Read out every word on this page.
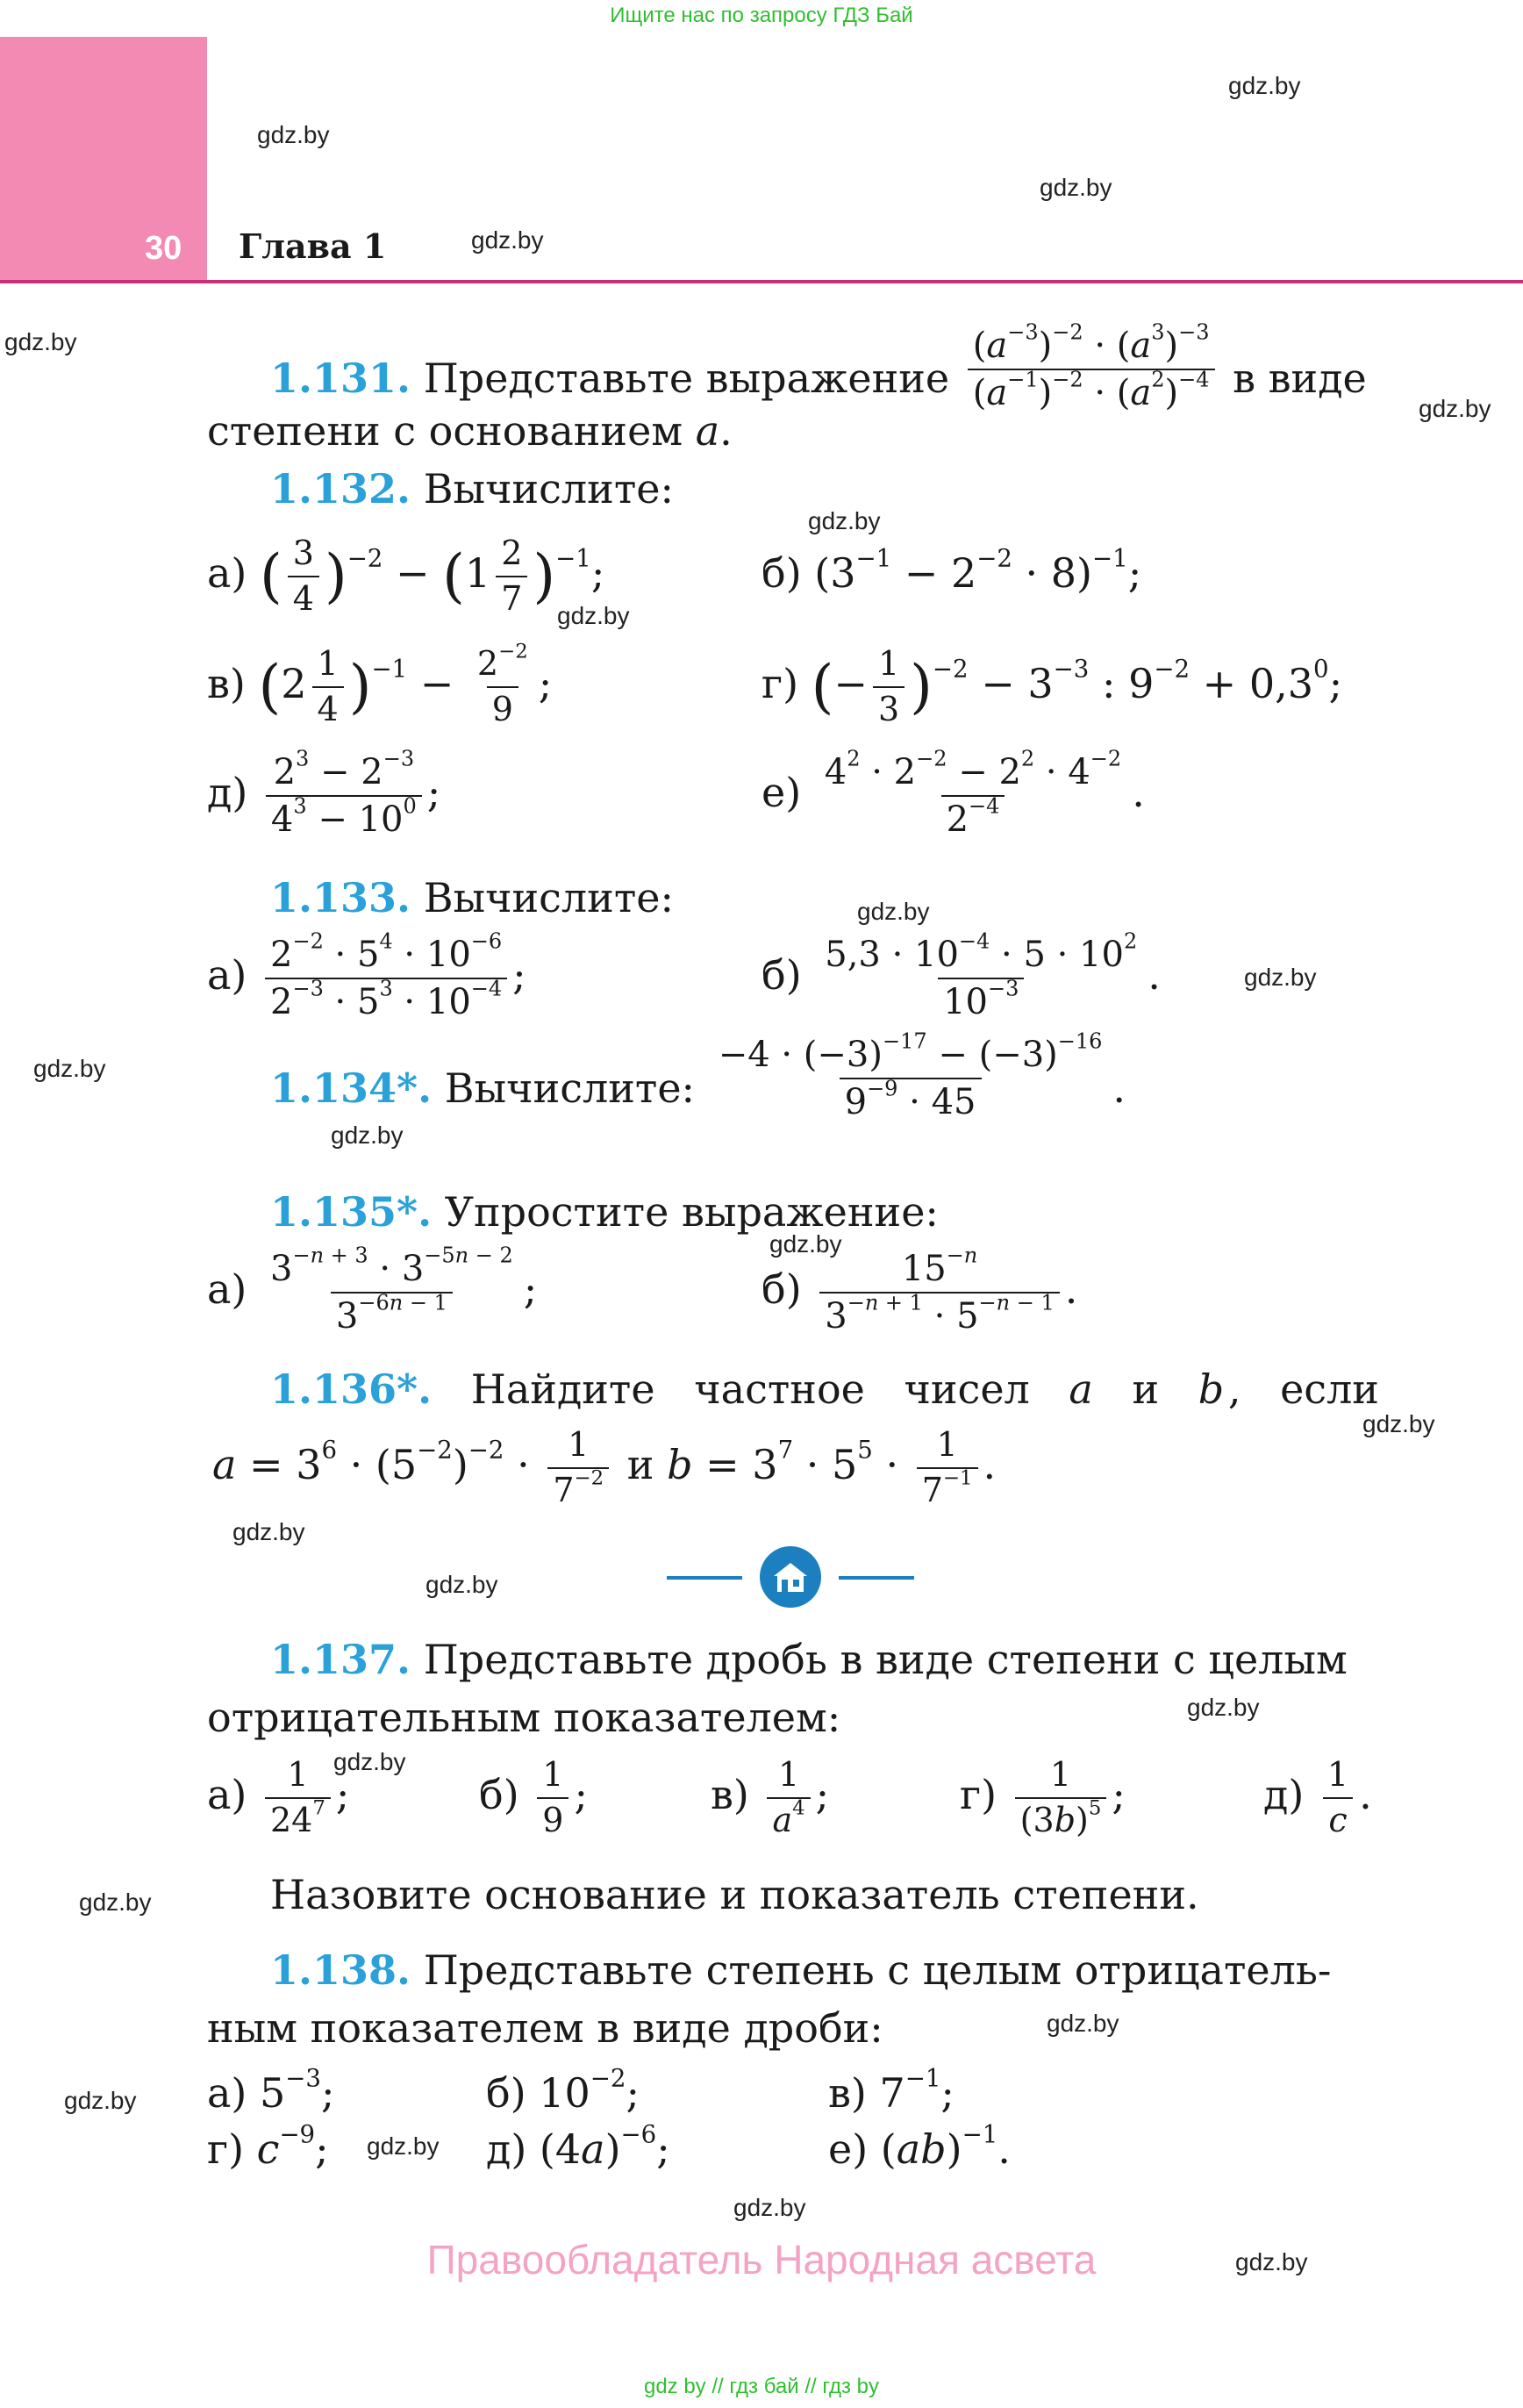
Ищите нас по запросу ГДЗ Бай
30 Глава 1
gdz.by
gdz.by
gdz.by
gdz.by
gdz.by
gdz.by
gdz.by
gdz.by
gdz.by
gdz.by
gdz.by
gdz.by
gdz.by
gdz.by
gdz.by
gdz.by
gdz.by
gdz.by
gdz.by
gdz.by
gdz.by
gdz.by
gdz.by
gdz.by
1.131. Представьте выражение $\frac{(a^{-3})^{-2} \cdot (a^3)^{-3}}{(a^{-1})^{-2} \cdot (a^2)^{-4}}$ в виде
степени с основанием a.
1.132. Вычислите:
а) ( $\frac{3}{4} )^{-2} - (1 \frac{2}{7} )^{-1}$;	б) $(3^{-1} - 2^{-2} \cdot 8)^{-1}$;
в) $(2 \frac{1}{4} )^{-1} - \frac{2^{-2}}{9}$ ;	г) (− $\frac{1}{3} )^{-2} - 3^{-3}$ : $9^{-2} + 0,3^0$;
$д) \frac{2^3 - 2^{-3}}{4^3 - 10^0}$ ;	$е) \frac{4^2 \cdot 2^{-2} - 2^2 \cdot 4^{-2}}{2^{-4}}$ .
1.133. Вычислите:
$а) \frac{2^{-2} \cdot 5^4 \cdot 10^{-6}}{2^{-3} \cdot 5^3 \cdot 10^{-4}}$ ;	$б) \frac{5,3 \cdot 10^{-4} \cdot 5 \cdot 10^2}{10^{-3}}$ .
1.134*. Вычислите: $\frac{-4 \cdot (-3)^{-17} - (-3)^{-16}}{9^{-9} \cdot 45}$ .
1.135*. Упростите выражение:
$а) \frac{3^{-n + 3} \cdot 3^{-5n - 2}}{3^{-6n - 1}}$ ;	$б) \frac{15^{-n}}{3^{-n + 1} \cdot 5^{-n - 1}}$ .
1.136*. Найдите частное чисел a и b , если
$a = 3^6 \cdot (5^{-2})^{-2} \cdot \frac{1}{7^{-2}}$ и $b = 3^7 \cdot 5^5 \cdot \frac{1}{7^{-1}}$ .
1.137. Представьте дробь в виде степени с целым
отрицательным показателем:
$а) \frac{1}{24^7}$ ;	$б) \frac{1}{9}$ ;	$в) \frac{1}{a^4}$ ;	$г) \frac{1}{(3b)^5}$ ;	$д) \frac{1}{c}$ .
Назовите основание и показатель степени.
1.138. Представьте степень с целым отрицатель-
ным показателем в виде дроби:
а) $5^{-3}$;	б) $10^{-2}$;	в) $7^{-1}$;
г) $c^{-9}$;	д) $(4a)^{-6}$;	е) (ab)$^{-1}$.
Правообладатель Народная асвета
gdz by // гдз бай // гдз by
